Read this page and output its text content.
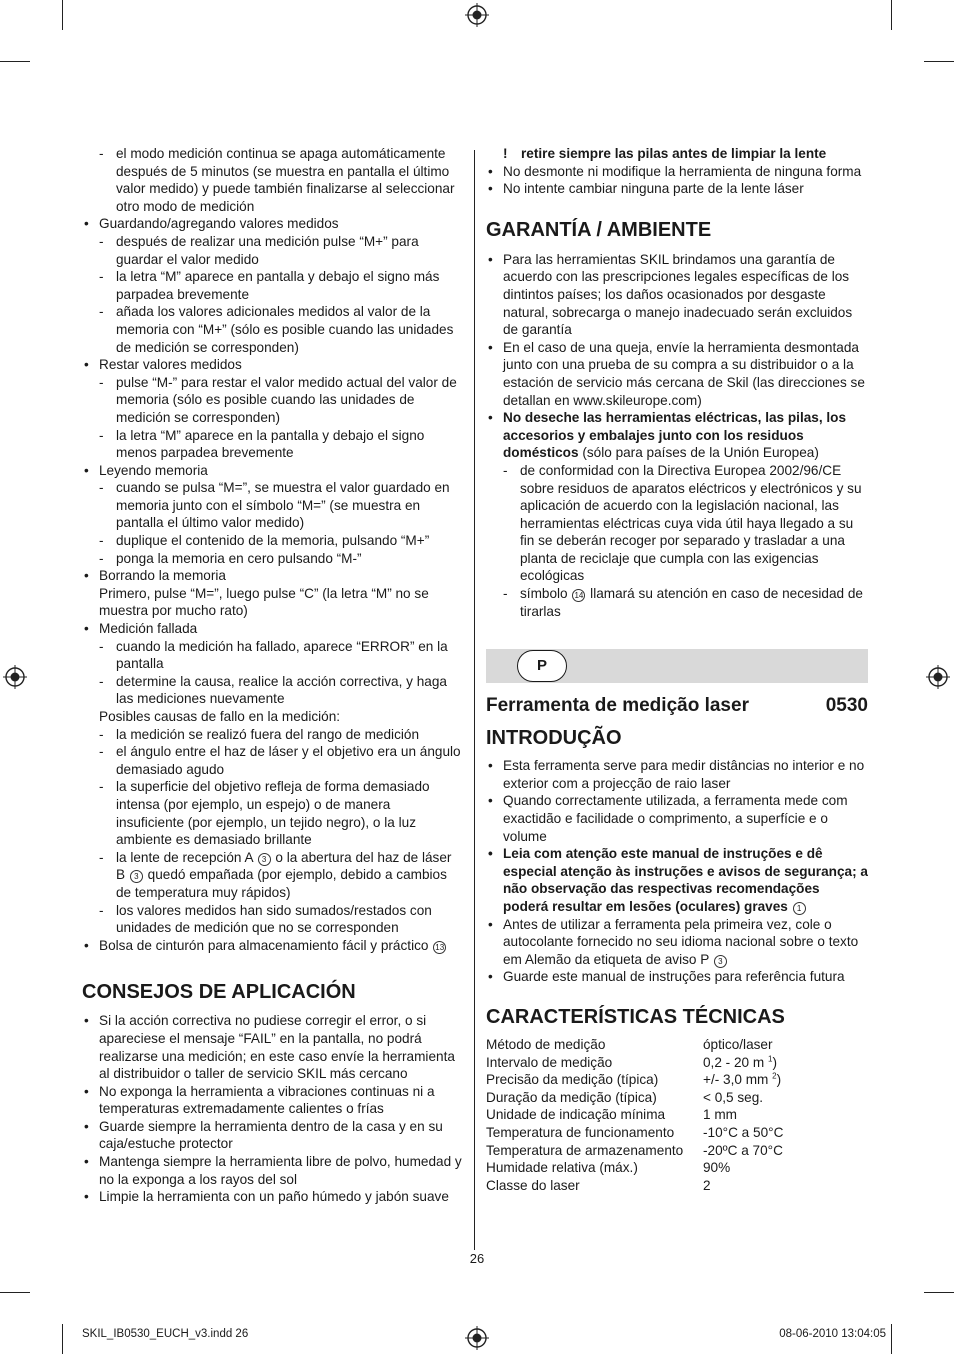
- el modo medición continua se apaga automáticamente después de 5 minutos (se muestra en pantalla el último valor medido) y puede también finalizarse al seleccionar otro modo de medición
• Guardando/agregando valores medidos
- después de realizar una medición pulse “M+” para guardar el valor medido
- la letra “M” aparece en pantalla y debajo el signo más parpadea brevemente
- añada los valores adicionales medidos al valor de la memoria con “M+” (sólo es posible cuando las unidades de medición se corresponden)
• Restar valores medidos
- pulse “M-” para restar el valor medido actual del valor de memoria (sólo es posible cuando las unidades de medición se corresponden)
- la letra “M” aparece en la pantalla y debajo el signo menos parpadea brevemente
• Leyendo memoria
- cuando se pulsa “M=”, se muestra el valor guardado en memoria junto con el símbolo “M=” (se muestra en pantalla el último valor medido)
- duplique el contenido de la memoria, pulsando “M+”
- ponga la memoria en cero pulsando “M-”
• Borrando la memoria
Primero, pulse “M=”, luego pulse “C” (la letra “M” no se muestra por mucho rato)
• Medición fallada
- cuando la medición ha fallado, aparece “ERROR” en la pantalla
- determine la causa, realice la acción correctiva, y haga las mediciones nuevamente
Posibles causas de fallo en la medición:
- la medición se realizó fuera del rango de medición
- el ángulo entre el haz de láser y el objetivo era un ángulo demasiado agudo
- la superficie del objetivo refleja de forma demasiado intensa (por ejemplo, un espejo) o de manera insuficiente (por ejemplo, un tejido negro), o la luz ambiente es demasiado brillante
- la lente de recepción A 3 o la abertura del haz de láser B 3 quedó empañada (por ejemplo, debido a cambios de temperatura muy rápidos)
- los valores medidos han sido sumados/restados con unidades de medición que no se corresponden
• Bolsa de cinturón para almacenamiento fácil y práctico 13
CONSEJOS DE APLICACIÓN
• Si la acción correctiva no pudiese corregir el error, o si apareciese el mensaje “FAIL” en la pantalla, no podrá realizarse una medición; en este caso envíe la herramienta al distribuidor o taller de servicio SKIL más cercano
• No exponga la herramienta a vibraciones continuas ni a temperaturas extremadamente calientes o frías
• Guarde siempre la herramienta dentro de la casa y en su caja/estuche protector
• Mantenga siempre la herramienta libre de polvo, humedad y no la exponga a los rayos del sol
• Limpie la herramienta con un paño húmedo y jabón suave
! retire siempre las pilas antes de limpiar la lente
• No desmonte ni modifique la herramienta de ninguna forma
• No intente cambiar ninguna parte de la lente láser
GARANTÍA / AMBIENTE
• Para las herramientas SKIL brindamos una garantía de acuerdo con las prescripciones legales específicas de los dintintos países; los daños ocasionados por desgaste natural, sobrecarga o manejo inadecuado serán excluidos de garantía
• En el caso de una queja, envíe la herramienta desmontada junto con una prueba de su compra a su distribuidor o a la estación de servicio más cercana de Skil (las direcciones se detallan en www.skileurope.com)
• No deseche las herramientas eléctricas, las pilas, los accesorios y embalajes junto con los residuos domésticos (sólo para países de la Unión Europea)
- de conformidad con la Directiva Europea 2002/96/CE sobre residuos de aparatos eléctricos y electrónicos y su aplicación de acuerdo con la legislación nacional, las herramientas eléctricas cuya vida útil haya llegado a su fin se deberán recoger por separado y trasladar a una planta de reciclaje que cumpla con las exigencias ecológicas
- símbolo 14 llamará su atención en caso de necesidad de tirarlas
P
Ferramenta de medição laser	0530
INTRODUÇÃO
• Esta ferramenta serve para medir distâncias no interior e no exterior com a projecção de raio laser
• Quando correctamente utilizada, a ferramenta mede com exactidão e facilidade o comprimento, a superfície e o volume
• Leia com atenção este manual de instruções e dê especial atenção às instruções e avisos de segurança; a não observação das respectivas recomendações poderá resultar em lesões (oculares) graves 1
• Antes de utilizar a ferramenta pela primeira vez, cole o autocolante fornecido no seu idioma nacional sobre o texto em Alemão da etiqueta de aviso P 3
• Guarde este manual de instruções para referência futura
CARACTERÍSTICAS TÉCNICAS
Método de medição	óptico/laser
Intervalo de medição	0,2 - 20 m $^1$)
Precisão da medição (típica)	+/- 3,0 mm $^2$)
Duração da medição (típica)	< 0,5 seg.
Unidade de indicação mínima	1 mm
Temperatura de funcionamento	-10°C a 50°C
Temperatura de armazenamento	-20ºC a 70°C
Humidade relativa (máx.)	90%
Classe do laser	2
26
SKIL_IB0530_EUCH_v3.indd 26	08-06-2010 13:04:05
